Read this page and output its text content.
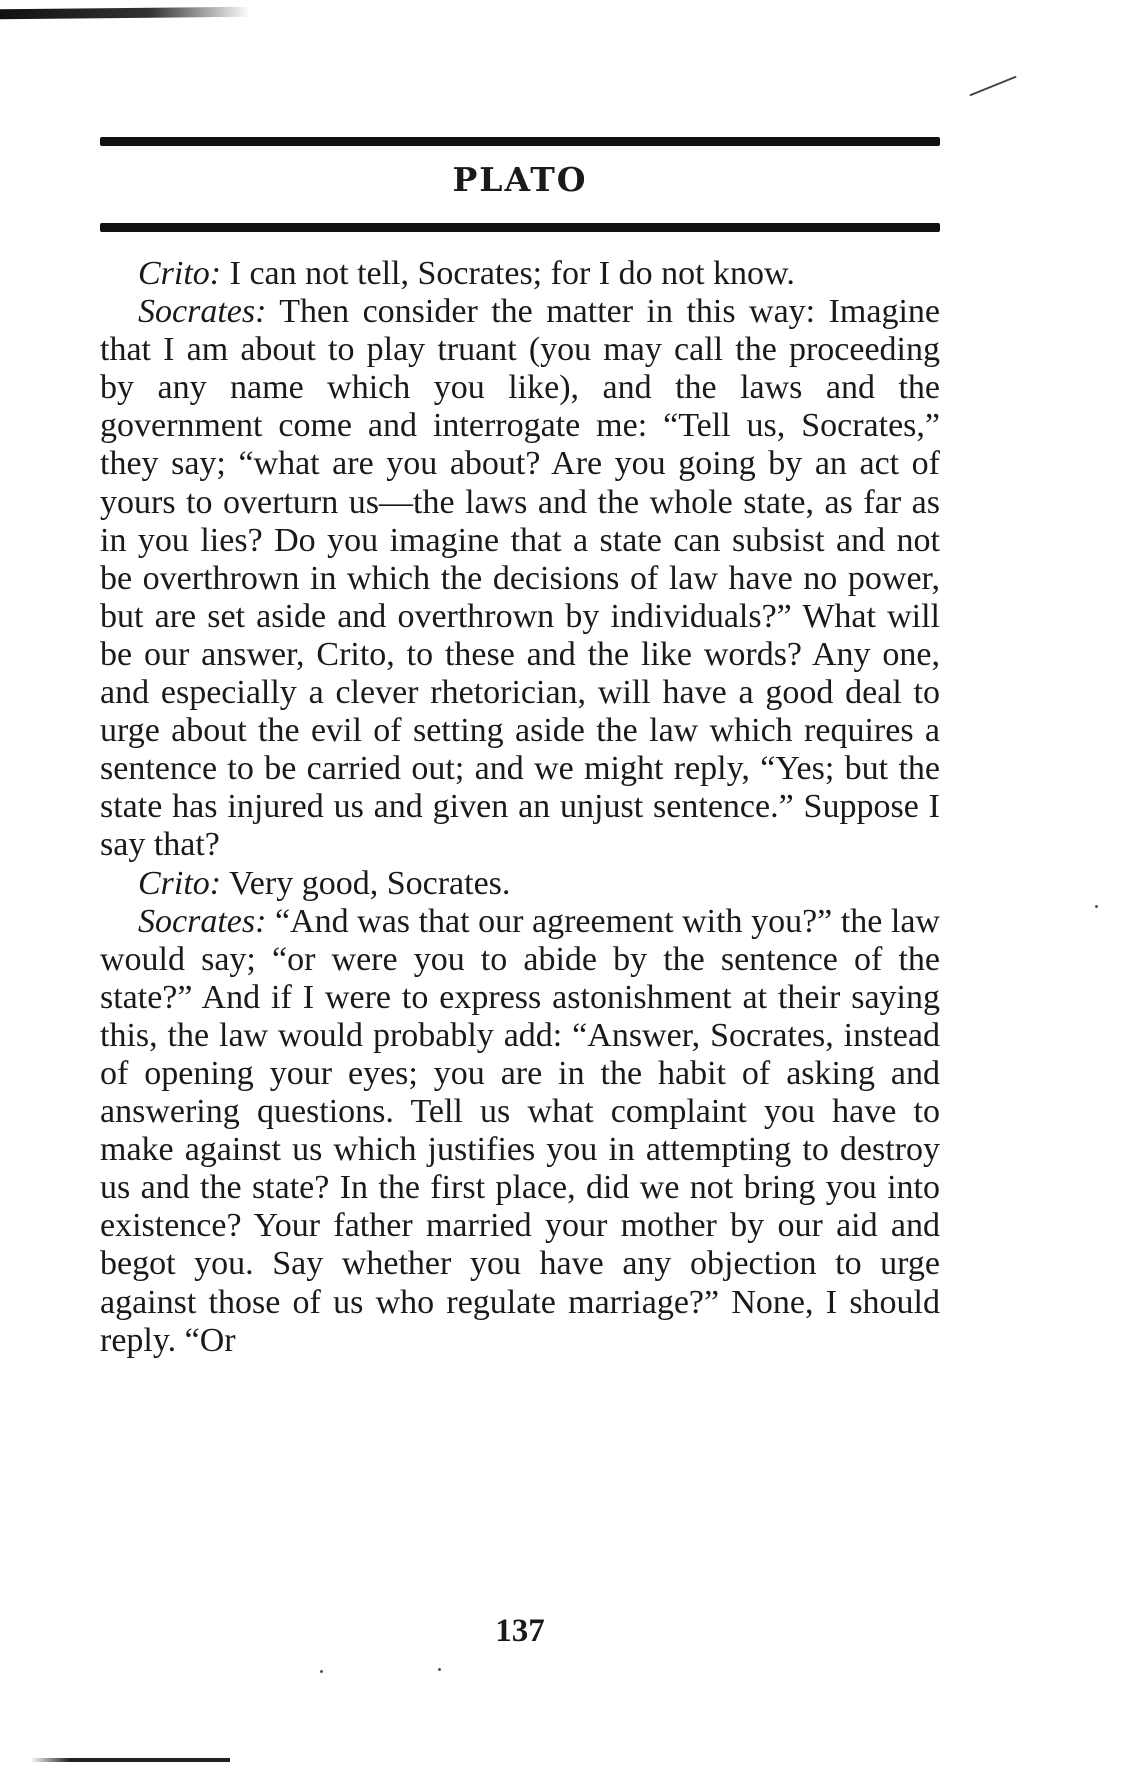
PLATO

Crito: I can not tell, Socrates; for I do not know.

Socrates: Then consider the matter in this way: Imagine that I am about to play truant (you may call the proceeding by any name which you like), and the laws and the government come and interrogate me: “Tell us, Socrates,” they say; “what are you about? Are you going by an act of yours to overturn us—the laws and the whole state, as far as in you lies? Do you imagine that a state can subsist and not be overthrown in which the decisions of law have no power, but are set aside and overthrown by individuals?” What will be our answer, Crito, to these and the like words? Any one, and especially a clever rhetorician, will have a good deal to urge about the evil of setting aside the law which requires a sentence to be carried out; and we might reply, “Yes; but the state has injured us and given an unjust sentence.” Suppose I say that?

Crito: Very good, Socrates.

Socrates: “And was that our agreement with you?” the law would say; “or were you to abide by the sentence of the state?” And if I were to express astonishment at their saying this, the law would probably add: “Answer, Socrates, instead of opening your eyes; you are in the habit of asking and answering questions. Tell us what complaint you have to make against us which justifies you in attempting to destroy us and the state? In the first place, did we not bring you into existence? Your father married your mother by our aid and begot you. Say whether you have any objection to urge against those of us who regulate marriage?” None, I should reply. “Or

137
